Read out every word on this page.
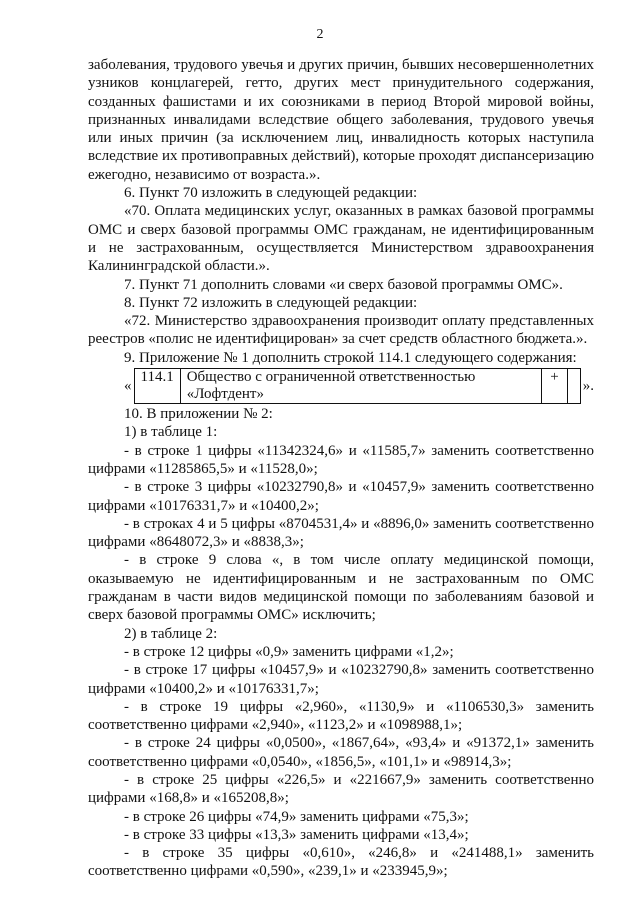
2

заболевания, трудового увечья и других причин, бывших несовершеннолетних узников концлагерей, гетто, других мест принудительного содержания, созданных фашистами и их союзниками в период Второй мировой войны, признанных инвалидами вследствие общего заболевания, трудового увечья или иных причин (за исключением лиц, инвалидность которых наступила вследствие их противоправных действий), которые проходят диспансеризацию ежегодно, независимо от возраста.».

6. Пункт 70 изложить в следующей редакции:

«70. Оплата медицинских услуг, оказанных в рамках базовой программы ОМС и сверх базовой программы ОМС гражданам, не идентифицированным и не застрахованным, осуществляется Министерством здравоохранения Калининградской области.».

7. Пункт 71 дополнить словами «и сверх базовой программы ОМС».

8. Пункт 72 изложить в следующей редакции:

«72. Министерство здравоохранения производит оплату представленных реестров «полис не идентифицирован» за счет средств областного бюджета.».

9. Приложение № 1 дополнить строкой 114.1 следующего содержания:

«
114.1 Общество с ограниченной ответственностью «Лофтдент»
+
».

10. В приложении № 2:

1) в таблице 1:

- в строке 1 цифры «11342324,6» и «11585,7» заменить соответственно цифрами «11285865,5» и «11528,0»;

- в строке 3 цифры «10232790,8» и «10457,9» заменить соответственно цифрами «10176331,7» и «10400,2»;

- в строках 4 и 5 цифры «8704531,4» и «8896,0» заменить соответственно цифрами «8648072,3» и «8838,3»;

- в строке 9 слова «, в том числе оплату медицинской помощи, оказываемую не идентифицированным и не застрахованным по ОМС гражданам в части видов медицинской помощи по заболеваниям базовой и сверх базовой программы ОМС» исключить;

2) в таблице 2:

- в строке 12 цифры «0,9» заменить цифрами «1,2»;

- в строке 17 цифры «10457,9» и «10232790,8» заменить соответственно цифрами «10400,2» и «10176331,7»;

- в строке 19 цифры «2,960», «1130,9» и «1106530,3» заменить соответственно цифрами «2,940», «1123,2» и «1098988,1»;

- в строке 24 цифры «0,0500», «1867,64», «93,4» и «91372,1» заменить соответственно цифрами «0,0540», «1856,5», «101,1» и «98914,3»;

- в строке 25 цифры «226,5» и «221667,9» заменить соответственно цифрами «168,8» и «165208,8»;

- в строке 26 цифры «74,9» заменить цифрами «75,3»;

- в строке 33 цифры «13,3» заменить цифрами «13,4»;

- в строке 35 цифры «0,610», «246,8» и «241488,1» заменить соответственно цифрами «0,590», «239,1» и «233945,9»;
